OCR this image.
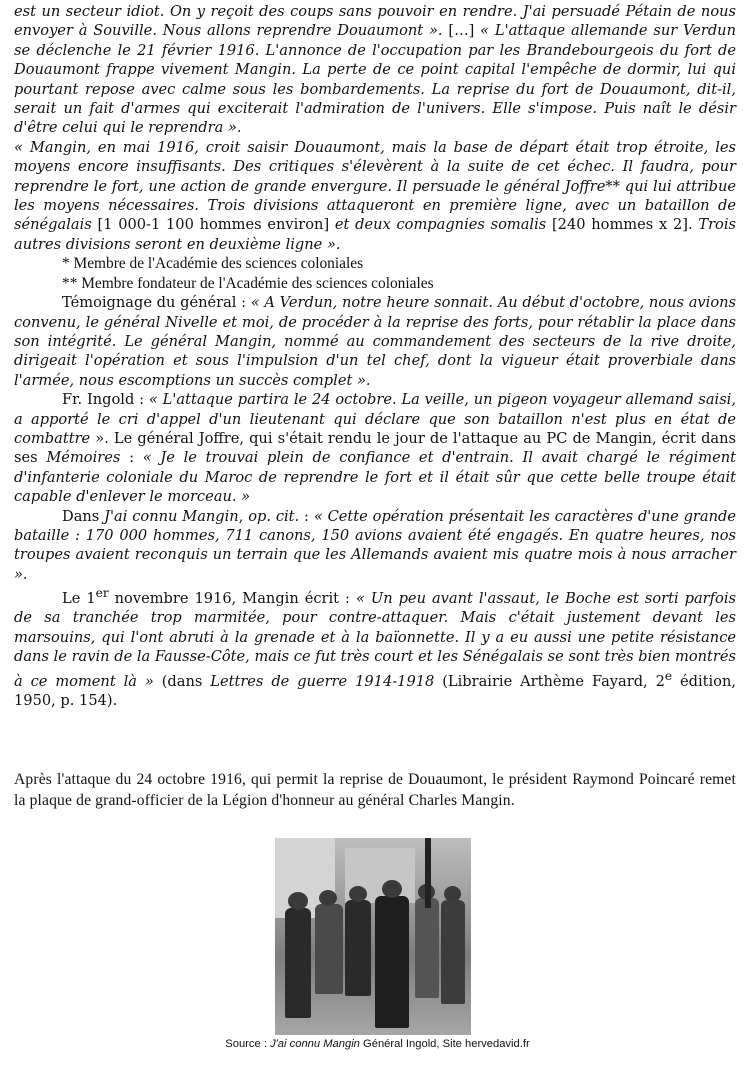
est un secteur idiot. On y reçoit des coups sans pouvoir en rendre. J'ai persuadé Pétain de nous envoyer à Souville. Nous allons reprendre Douaumont ». […] « L'attaque allemande sur Verdun se déclenche le 21 février 1916. L'annonce de l'occupation par les Brandebourgeois du fort de Douaumont frappe vivement Mangin. La perte de ce point capital l'empêche de dormir, lui qui pourtant repose avec calme sous les bombardements. La reprise du fort de Douaumont, dit-il, serait un fait d'armes qui exciterait l'admiration de l'univers. Elle s'impose. Puis naît le désir d'être celui qui le reprendra ».

« Mangin, en mai 1916, croit saisir Douaumont, mais la base de départ était trop étroite, les moyens encore insuffisants. Des critiques s'élevèrent à la suite de cet échec. Il faudra, pour reprendre le fort, une action de grande envergure. Il persuade le général Joffre** qui lui attribue les moyens nécessaires. Trois divisions attaqueront en première ligne, avec un bataillon de sénégalais [1 000-1 100 hommes environ] et deux compagnies somalis [240 hommes x 2]. Trois autres divisions seront en deuxième ligne ».

* Membre de l'Académie des sciences coloniales

** Membre fondateur de l'Académie des sciences coloniales

Témoignage du général : « A Verdun, notre heure sonnait. Au début d'octobre, nous avions convenu, le général Nivelle et moi, de procéder à la reprise des forts, pour rétablir la place dans son intégrité. Le général Mangin, nommé au commandement des secteurs de la rive droite, dirigeait l'opération et sous l'impulsion d'un tel chef, dont la vigueur était proverbiale dans l'armée, nous escomptions un succès complet ».

Fr. Ingold : « L'attaque partira le 24 octobre. La veille, un pigeon voyageur allemand saisi, a apporté le cri d'appel d'un lieutenant qui déclare que son bataillon n'est plus en état de combattre ». Le général Joffre, qui s'était rendu le jour de l'attaque au PC de Mangin, écrit dans ses Mémoires : « Je le trouvai plein de confiance et d'entrain. Il avait chargé le régiment d'infanterie coloniale du Maroc de reprendre le fort et il était sûr que cette belle troupe était capable d'enlever le morceau. »

Dans J'ai connu Mangin, op. cit. : « Cette opération présentait les caractères d'une grande bataille : 170 000 hommes, 711 canons, 150 avions avaient été engagés. En quatre heures, nos troupes avaient reconquis un terrain que les Allemands avaient mis quatre mois à nous arracher ».

Le 1er novembre 1916, Mangin écrit : « Un peu avant l'assaut, le Boche est sorti parfois de sa tranchée trop marmitée, pour contre-attaquer. Mais c'était justement devant les marsouins, qui l'ont abruti à la grenade et à la baïonnette. Il y a eu aussi une petite résistance dans le ravin de la Fausse-Côte, mais ce fut très court et les Sénégalais se sont très bien montrés à ce moment là » (dans Lettres de guerre 1914-1918 (Librairie Arthème Fayard, 2e édition, 1950, p. 154).

Après l'attaque du 24 octobre 1916, qui permit la reprise de Douaumont, le président Raymond Poincaré remet la plaque de grand-officier de la Légion d'honneur au général Charles Mangin.

Source : J'ai connu Mangin Général Ingold, Site hervedavid.fr
